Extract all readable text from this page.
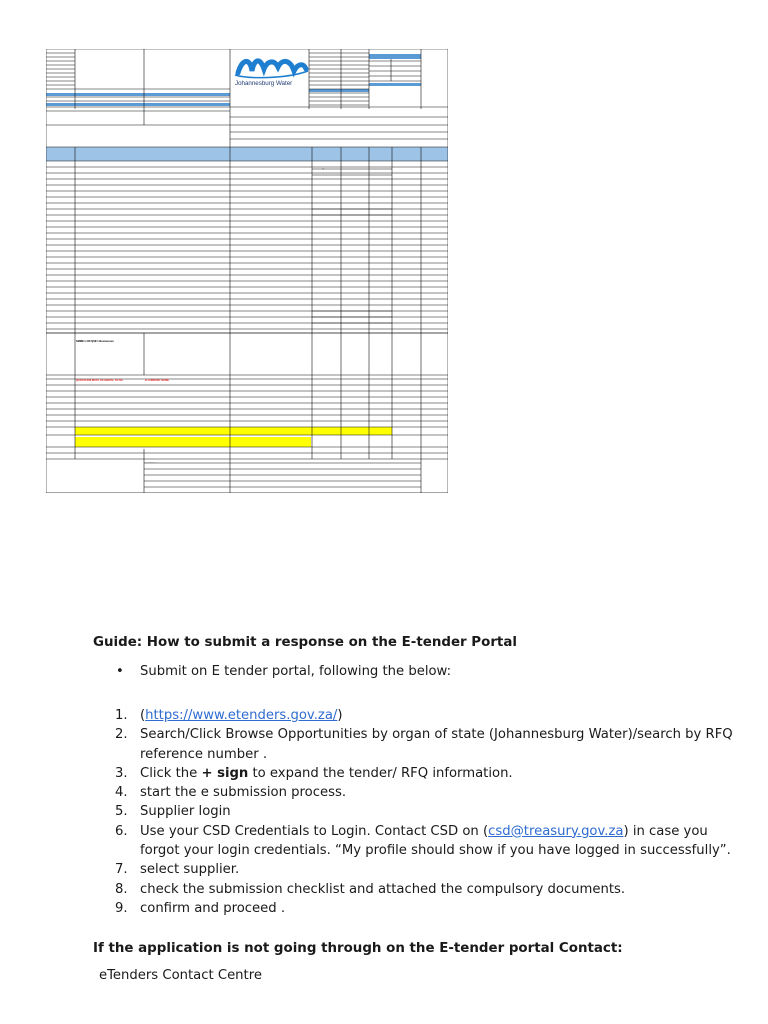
Johannesburg Water
SMME's OR QSE's Businesses
QUOTATION MUST AS ABOVE. TOTAL	& COMPANY NAME
***
--- ----------- ---
Guide: How to submit a response on the E-tender Portal
• Submit on E tender portal, following the below:
1. (https://www.etenders.gov.za/)
2. Search/Click Browse Opportunities by organ of state (Johannesburg Water)/search by RFQ reference number .
3. Click the + sign to expand the tender/ RFQ information.
4. start the e submission process.
5. Supplier login
6. Use your CSD Credentials to Login. Contact CSD on (csd@treasury.gov.za) in case you forgot your login credentials. “My profile should show if you have logged in successfully”.
7. select supplier.
8. check the submission checklist and attached the compulsory documents.
9. confirm and proceed .
If the application is not going through on the E-tender portal Contact:
eTenders Contact Centre
